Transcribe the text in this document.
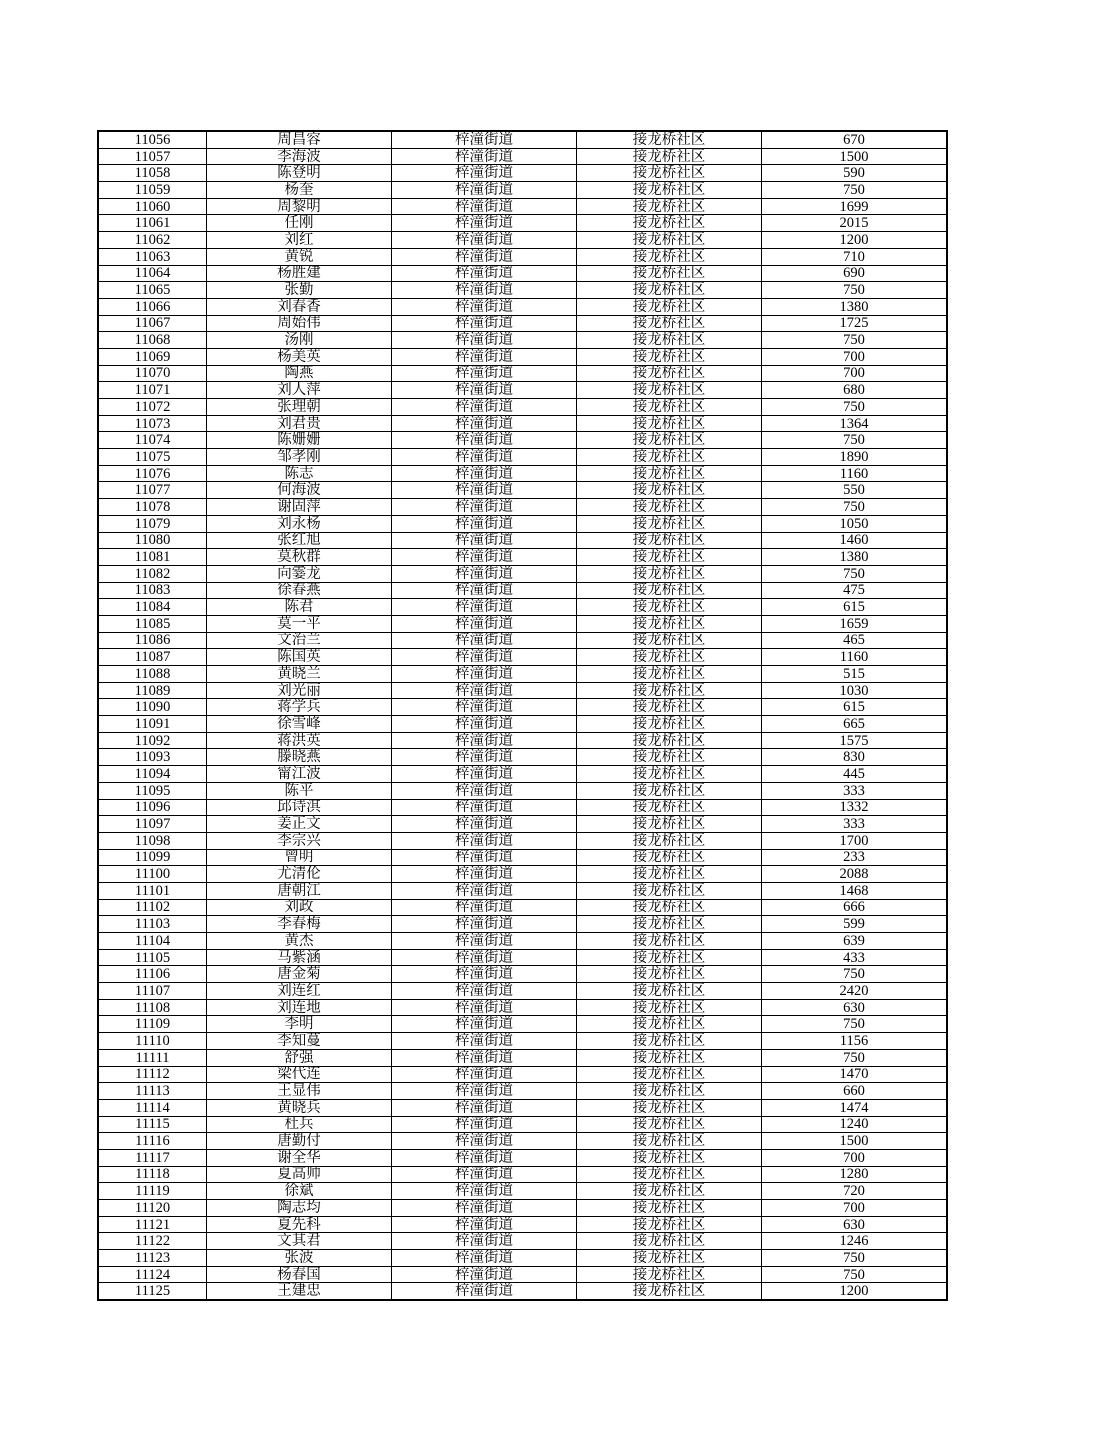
11056	周昌容	梓潼街道	接龙桥社区	670
11057	李海波	梓潼街道	接龙桥社区	1500
11058	陈登明	梓潼街道	接龙桥社区	590
11059	杨奎	梓潼街道	接龙桥社区	750
11060	周黎明	梓潼街道	接龙桥社区	1699
11061	任刚	梓潼街道	接龙桥社区	2015
11062	刘红	梓潼街道	接龙桥社区	1200
11063	黄锐	梓潼街道	接龙桥社区	710
11064	杨胜建	梓潼街道	接龙桥社区	690
11065	张勤	梓潼街道	接龙桥社区	750
11066	刘春香	梓潼街道	接龙桥社区	1380
11067	周始伟	梓潼街道	接龙桥社区	1725
11068	汤刚	梓潼街道	接龙桥社区	750
11069	杨美英	梓潼街道	接龙桥社区	700
11070	陶燕	梓潼街道	接龙桥社区	700
11071	刘人萍	梓潼街道	接龙桥社区	680
11072	张理朝	梓潼街道	接龙桥社区	750
11073	刘君贵	梓潼街道	接龙桥社区	1364
11074	陈姗姗	梓潼街道	接龙桥社区	750
11075	邹孝刚	梓潼街道	接龙桥社区	1890
11076	陈志	梓潼街道	接龙桥社区	1160
11077	何海波	梓潼街道	接龙桥社区	550
11078	谢固萍	梓潼街道	接龙桥社区	750
11079	刘永杨	梓潼街道	接龙桥社区	1050
11080	张红旭	梓潼街道	接龙桥社区	1460
11081	莫秋群	梓潼街道	接龙桥社区	1380
11082	向霎龙	梓潼街道	接龙桥社区	750
11083	徐春燕	梓潼街道	接龙桥社区	475
11084	陈君	梓潼街道	接龙桥社区	615
11085	莫一平	梓潼街道	接龙桥社区	1659
11086	文治兰	梓潼街道	接龙桥社区	465
11087	陈国英	梓潼街道	接龙桥社区	1160
11088	黄晓兰	梓潼街道	接龙桥社区	515
11089	刘光丽	梓潼街道	接龙桥社区	1030
11090	蒋学兵	梓潼街道	接龙桥社区	615
11091	徐雪峰	梓潼街道	接龙桥社区	665
11092	蒋洪英	梓潼街道	接龙桥社区	1575
11093	滕晓燕	梓潼街道	接龙桥社区	830
11094	甯江波	梓潼街道	接龙桥社区	445
11095	陈平	梓潼街道	接龙桥社区	333
11096	邱诗淇	梓潼街道	接龙桥社区	1332
11097	姜正文	梓潼街道	接龙桥社区	333
11098	李宗兴	梓潼街道	接龙桥社区	1700
11099	曾明	梓潼街道	接龙桥社区	233
11100	尤清伦	梓潼街道	接龙桥社区	2088
11101	唐朝江	梓潼街道	接龙桥社区	1468
11102	刘政	梓潼街道	接龙桥社区	666
11103	李春梅	梓潼街道	接龙桥社区	599
11104	黄杰	梓潼街道	接龙桥社区	639
11105	马紫涵	梓潼街道	接龙桥社区	433
11106	唐金菊	梓潼街道	接龙桥社区	750
11107	刘连红	梓潼街道	接龙桥社区	2420
11108	刘连地	梓潼街道	接龙桥社区	630
11109	李明	梓潼街道	接龙桥社区	750
11110	李知蔓	梓潼街道	接龙桥社区	1156
11111	舒强	梓潼街道	接龙桥社区	750
11112	梁代连	梓潼街道	接龙桥社区	1470
11113	王显伟	梓潼街道	接龙桥社区	660
11114	黄晓兵	梓潼街道	接龙桥社区	1474
11115	杜兵	梓潼街道	接龙桥社区	1240
11116	唐勤付	梓潼街道	接龙桥社区	1500
11117	谢全华	梓潼街道	接龙桥社区	700
11118	夏高帅	梓潼街道	接龙桥社区	1280
11119	徐斌	梓潼街道	接龙桥社区	720
11120	陶志均	梓潼街道	接龙桥社区	700
11121	夏先科	梓潼街道	接龙桥社区	630
11122	文其君	梓潼街道	接龙桥社区	1246
11123	张波	梓潼街道	接龙桥社区	750
11124	杨春国	梓潼街道	接龙桥社区	750
11125	王建忠	梓潼街道	接龙桥社区	1200
